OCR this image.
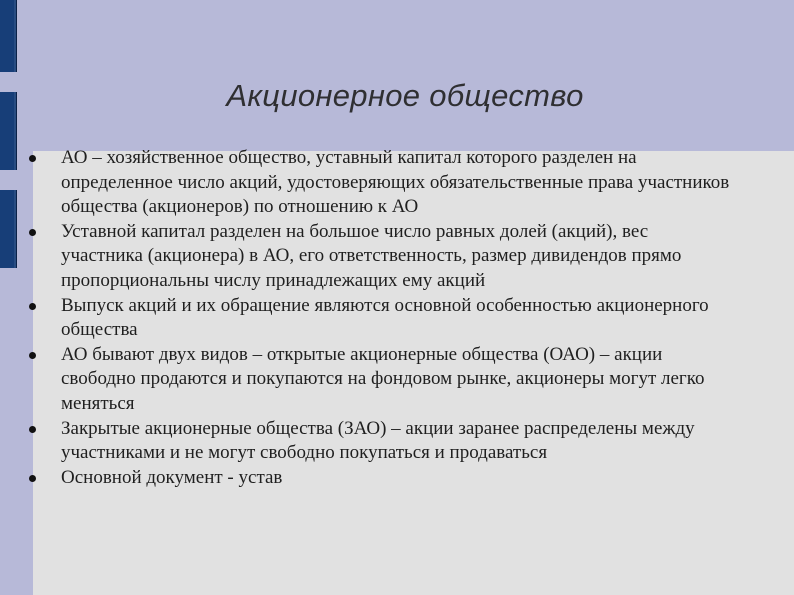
Акционерное общество
АО – хозяйственное общество, уставный капитал которого разделен на определенное число акций, удостоверяющих обязательственные права участников общества (акционеров) по отношению к АО
Уставной капитал разделен на большое число равных долей (акций), вес участника (акционера) в АО, его ответственность, размер дивидендов прямо пропорциональны числу принадлежащих ему акций
Выпуск акций и их обращение являются основной особенностью акционерного общества
АО бывают двух видов – открытые акционерные общества (ОАО) – акции свободно продаются и покупаются на фондовом рынке, акционеры могут легко меняться
Закрытые акционерные общества (ЗАО) – акции заранее распределены между участниками и не могут свободно покупаться и продаваться
Основной документ - устав
